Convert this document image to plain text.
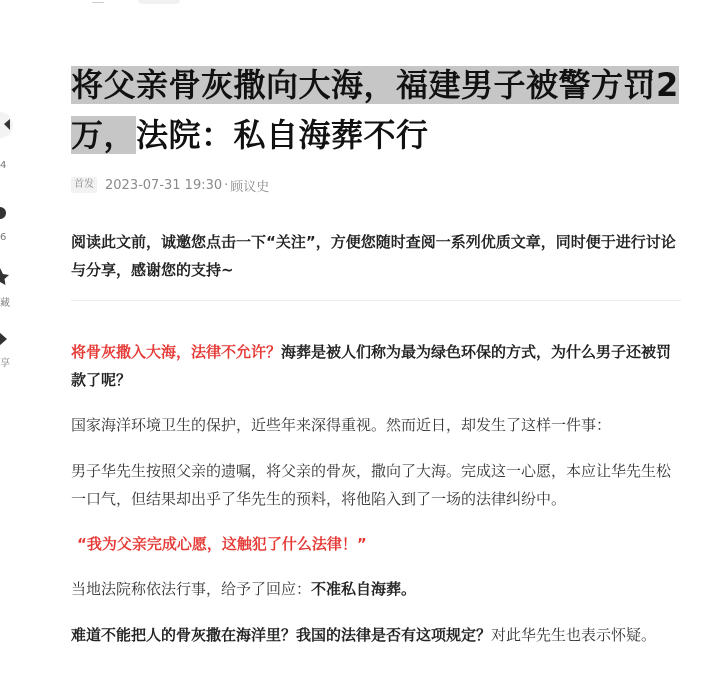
4
6
藏
享
将父亲骨灰撒向大海，福建男子被警方罚2万，法院：私自海葬不行
首发 2023-07-31 19:30 · 顾议史

阅读此文前，诚邀您点击一下“关注”，方便您随时查阅一系列优质文章，同时便于进行讨论与分享，感谢您的支持~

将骨灰撒入大海，法律不允许？海葬是被人们称为最为绿色环保的方式，为什么男子还被罚款了呢？

国家海洋环境卫生的保护，近些年来深得重视。然而近日，却发生了这样一件事：

男子华先生按照父亲的遗嘱，将父亲的骨灰，撒向了大海。完成这一心愿，本应让华先生松一口气，但结果却出乎了华先生的预料，将他陷入到了一场的法律纠纷中。

“我为父亲完成心愿，这触犯了什么法律！”

当地法院称依法行事，给予了回应：不准私自海葬。

难道不能把人的骨灰撒在海洋里？我国的法律是否有这项规定？对此华先生也表示怀疑。
